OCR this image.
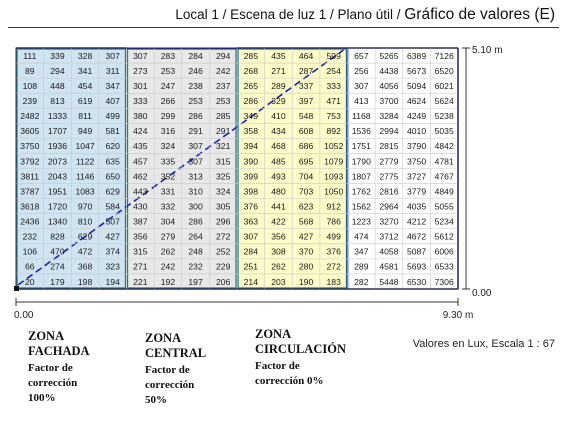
Local 1 / Escena de luz 1 / Plano útil / Gráfico de valores (E)
111 339 328 307 307 283 284 294 285 435 464 509 657 5265 6389 7126
89 294 341 311 273 253 246 242 268 271 287 254 256 4438 5673 6520
108 448 454 347 301 247 238 237 265 289 337 333 307 4056 5094 6021
239 813 619 407 333 266 253 253 286 329 397 471 413 3700 4624 5624
2482 1333 811 499 380 299 286 285 349 410 548 753 1168 3284 4249 5238
3605 1707 949 581 424 316 291 291 358 434 608 892 1536 2994 4010 5035
3750 1936 1047 620 435 324 307 321 394 468 686 1052 1751 2815 3790 4842
3792 2073 1122 635 457 335 307 315 390 485 695 1079 1790 2779 3750 4781
3811 2043 1146 650 462 352 313 325 399 493 704 1093 1807 2775 3727 4767
3787 1951 1083 629 443 331 310 324 398 480 703 1050 1762 2816 3779 4849
3618 1720 970 584 430 332 300 305 376 441 623 912 1562 2964 4035 5055
2436 1340 810 507 387 304 286 296 363 422 568 786 1223 3270 4212 5234
232 828 629 427 356 279 264 272 307 356 427 499 474 3712 4672 5612
106 470 472 374 315 262 248 252 284 308 370 376 347 4058 5087 6006
66 274 368 323 271 242 232 229 251 262 280 272 289 4581 5693 6533
20 179 198 194 221 192 197 206 214 203 190 183 282 5448 6530 7306
0.00	9.30 m
5.10 m
0.00
Valores en Lux, Escala 1 : 67
ZONA
FACHADA
Factor de
corrección
100%
ZONA
CENTRAL
Factor de
corrección
50%
ZONA
CIRCULACIÓN
Factor de
corrección 0%
